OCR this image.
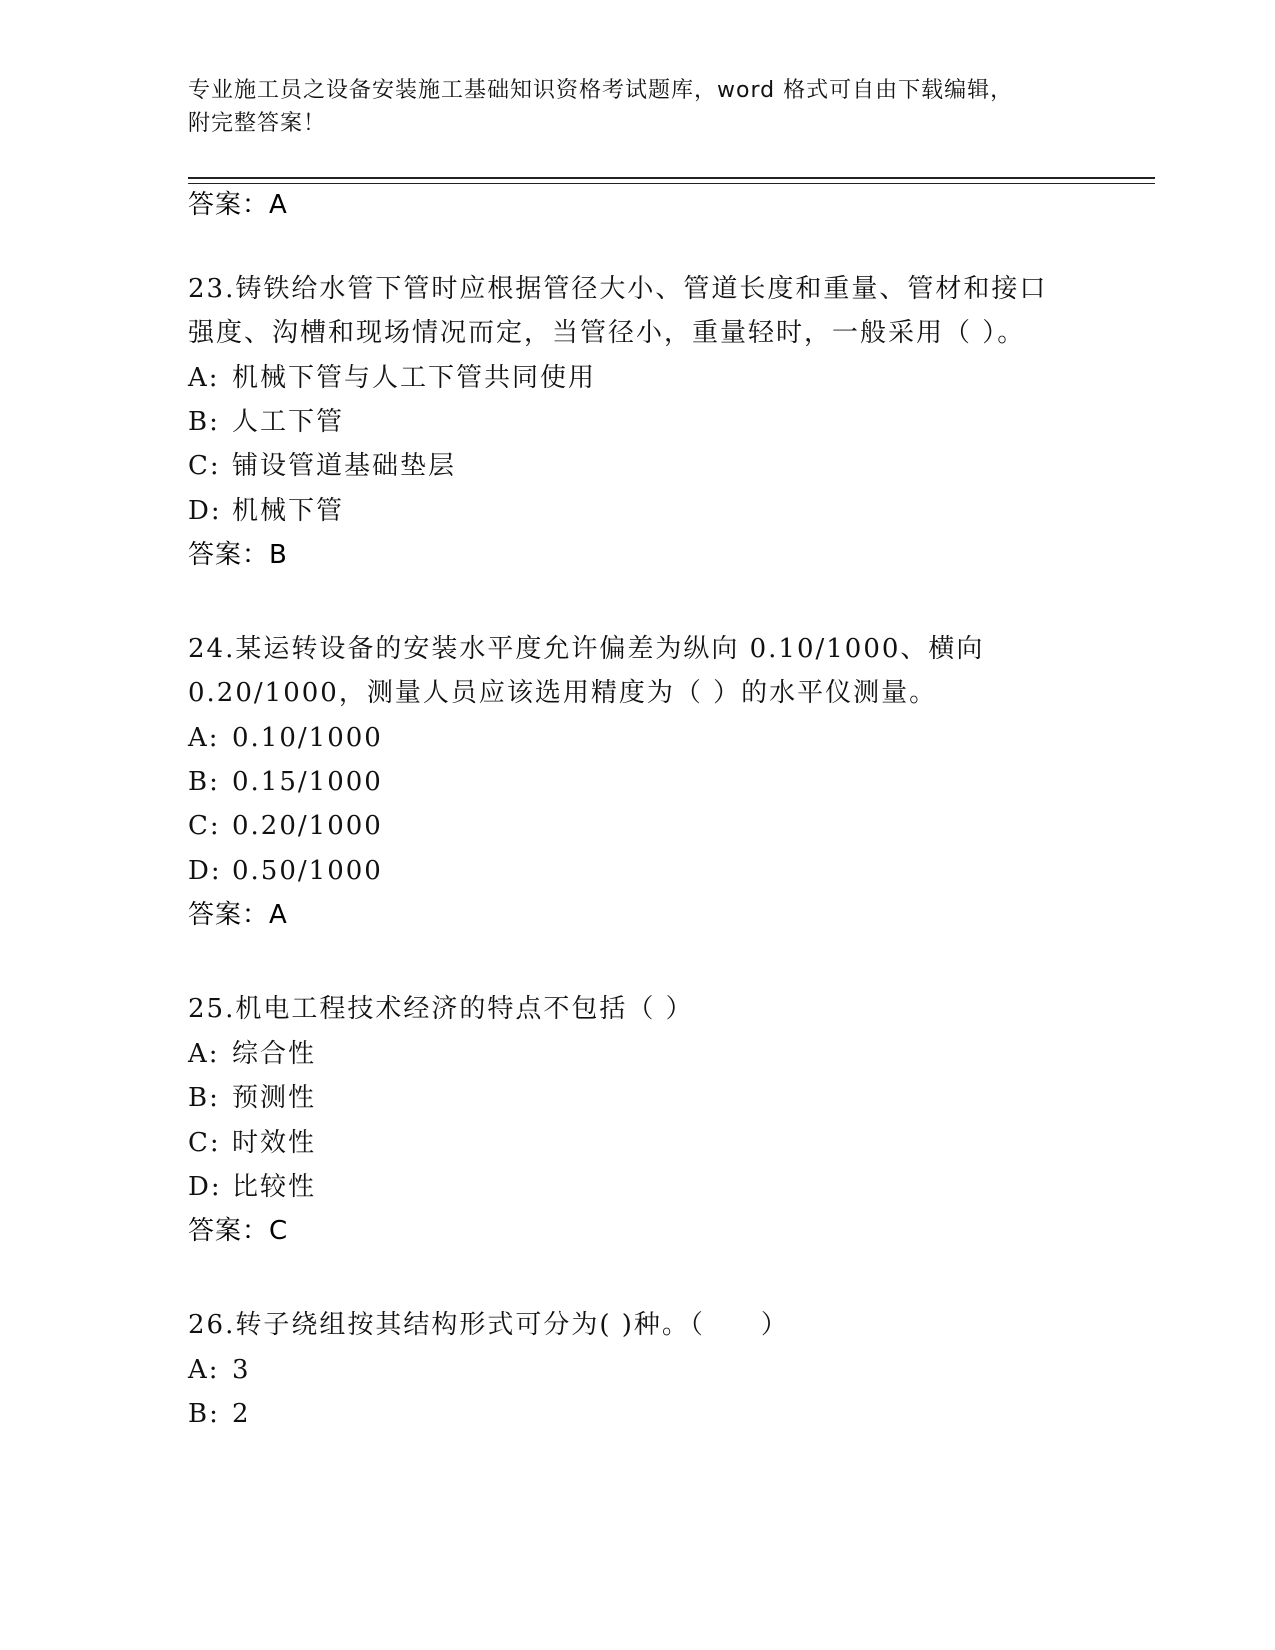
专业施工员之设备安装施工基础知识资格考试题库，word 格式可自由下载编辑，
附完整答案！
答案：A
23.铸铁给水管下管时应根据管径大小、管道长度和重量、管材和接口
强度、沟槽和现场情况而定，当管径小，重量轻时，一般采用（ ）。
A: 机械下管与人工下管共同使用
B: 人工下管
C: 铺设管道基础垫层
D: 机械下管
答案：B
24.某运转设备的安装水平度允许偏差为纵向 0.10/1000、横向
0.20/1000，测量人员应该选用精度为（ ）的水平仪测量。
A: 0.10/1000
B: 0.15/1000
C: 0.20/1000
D: 0.50/1000
答案：A
25.机电工程技术经济的特点不包括（ ）
A: 综合性
B: 预测性
C: 时效性
D: 比较性
答案：C
26.转子绕组按其结构形式可分为( )种。（　　）
A: 3
B: 2
